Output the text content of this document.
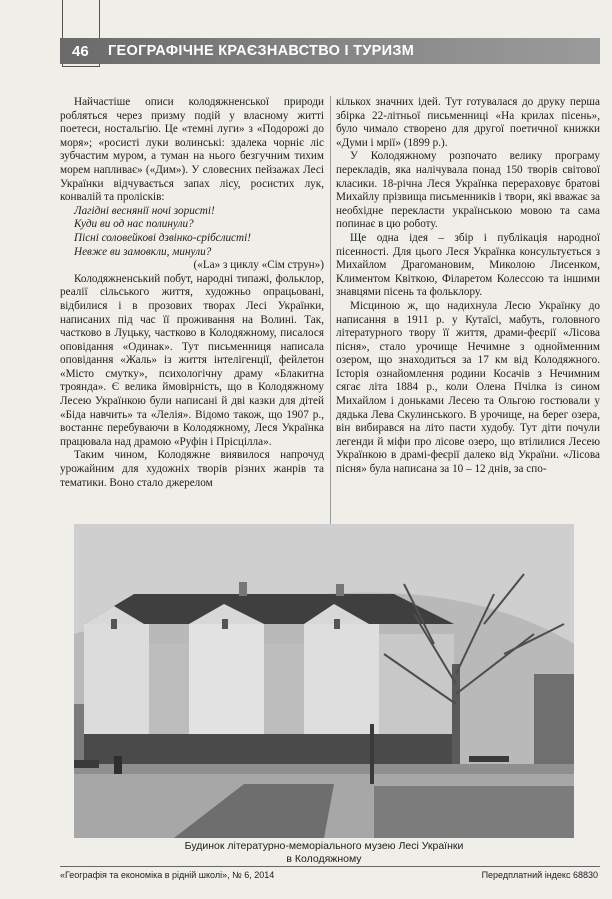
46 ГЕОГРАФІЧНЕ КРАЄЗНАВСТВО І ТУРИЗМ

Найчастіше описи колодяжненської природи робляться через призму подій у власному житті поетеси, ностальгію. Це «темні луги» з «Подорожі до моря»; «росисті луки волинські: здалека чорніє ліс зубчастим муром, а туман на нього безгучним тихим морем напливає» («Дим»). У словесних пейзажах Лесі Українки відчувається запах лісу, росистих лук, конвалій та пролісків:

Лагідні веснянії ночі зористі!
Куди ви од нас полинули?
Пісні соловейкові дзвінко-срібслисті!
Невже ви замовкли, минули?

(«La» з циклу «Сім струн»)

Колодяжненський побут, народні типажі, фольклор, реалії сільського життя, художньо опрацьовані, відбилися і в прозових творах Лесі Українки, написаних під час її проживання на Волині. Так, частково в Луцьку, частково в Колодяжному, писалося оповідання «Одинак». Тут письменниця написала оповідання «Жаль» із життя інтелігенції, фейлетон «Місто смутку», психологічну драму «Блакитна троянда». Є велика ймовірність, що в Колодяжному Лесею Українкою були написані й дві казки для дітей «Біда навчить» та «Лелія». Відомо також, що 1907 р., востаннє перебуваючи в Колодяжному, Леся Українка працювала над драмою «Руфін і Прісцілла».

Таким чином, Колодяжне виявилося напрочуд урожайним для художніх творів різних жанрів та тематики. Воно стало джерелом

кількох значних ідей. Тут готувалася до друку перша збірка 22-літньої письменниці «На крилах пісень», було чимало створено для другої поетичної книжки «Думи і мрії» (1899 р.).

У Колодяжному розпочато велику програму перекладів, яка налічувала понад 150 творів світової класики. 18-річна Леся Українка перераховує братові Михайлу прізвища письменників і твори, які вважає за необхідне перекласти українською мовою та сама попинає в цю роботу.

Ще одна ідея – збір і публікація народної пісенності. Для цього Леся Українка консультується з Михайлом Драгомановим, Миколою Лисенком, Климентом Квіткою, Філаретом Колессою та іншими знавцями пісень та фольклору.

Місциною ж, що надихнула Лесю Українку до написання в 1911 р. у Кутаїсі, мабуть, головного літературного твору її життя, драми-феєрії «Лісова пісня», стало урочище Нечимне з однойменним озером, що знаходиться за 17 км від Колодяжного. Історія ознайомлення родини Косачів з Нечимним сягає літа 1884 р., коли Олена Пчілка із сином Михайлом і доньками Лесею та Ольгою гостювали у дядька Лева Скулинського. В урочище, на берег озера, він вибирався на літо пасти худобу. Тут діти почули легенди й міфи про лісове озеро, що втілилися Лесею Українкою в драмі-феєрії далеко від України. «Лісова пісня» була написана за 10 – 12 днів, за спо-

Будинок літературно-меморіального музею Лесі Українки
в Колодяжному
«Географія та економіка в рідній школі», № 6, 2014	Передплатний індекс 68830
